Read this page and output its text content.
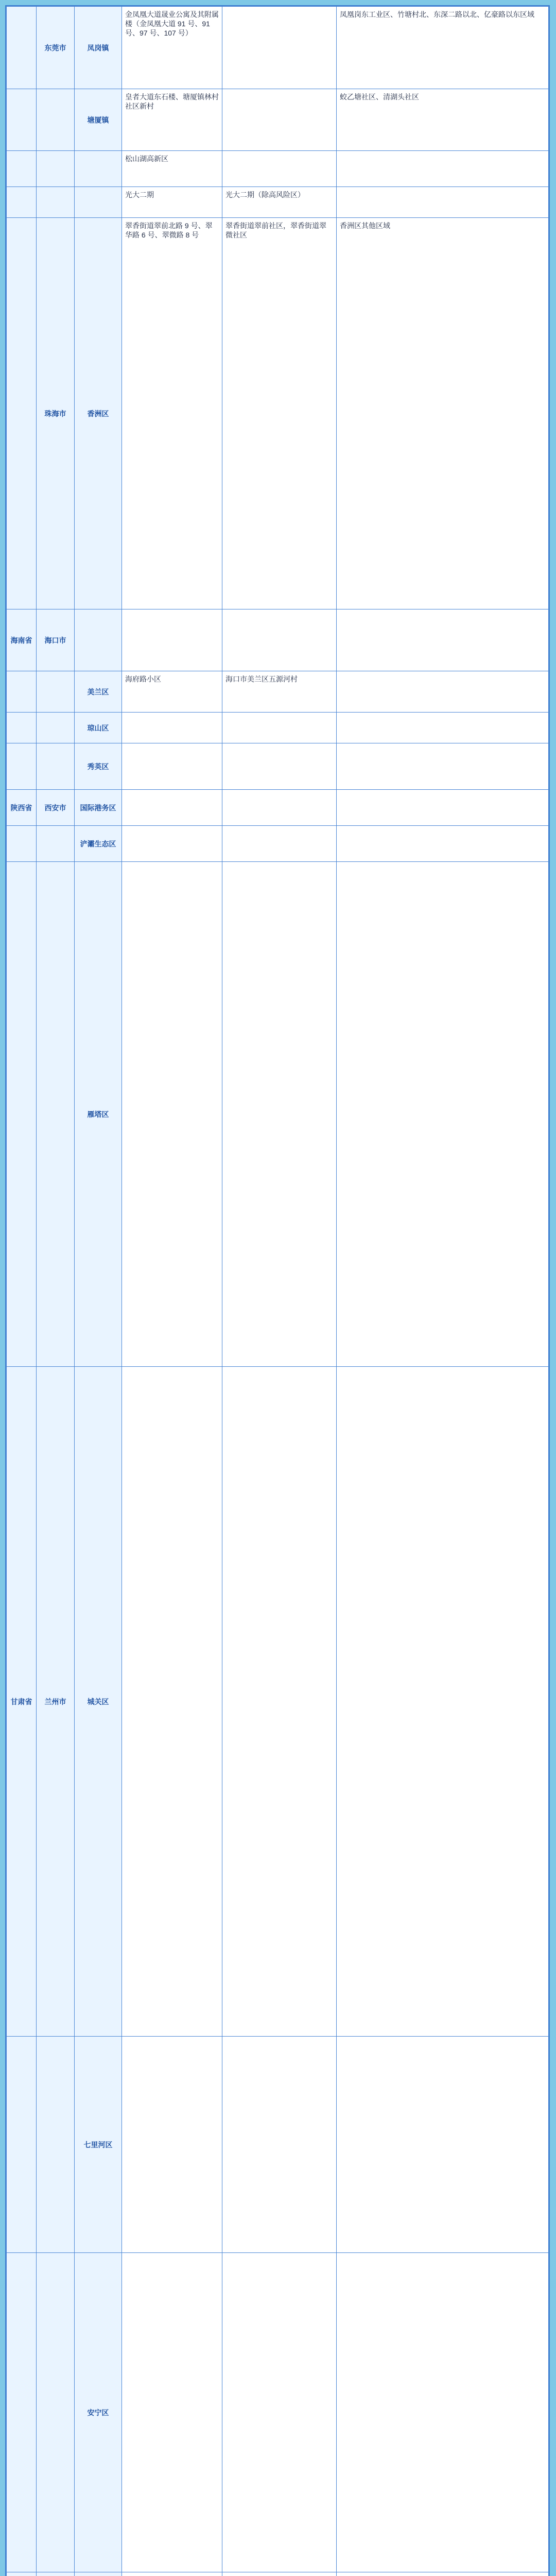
	东莞市	凤岗镇	金凤凰大道晟业公寓及其附属楼（金凤凰大道 91 号、91 号、97 号、107 号）		凤凰岗东工业区、竹塘村北、东深二路以北、亿豪路以东区域
		塘厦镇	皇者大道东石楼、塘厦镇林村社区新村		蛟乙塘社区、清湖头社区
			松山湖高新区		
			光大二期	光大二期（除高风险区）	
	珠海市	香洲区	翠香街道翠前北路 9 号、翠华路 6 号、翠微路 8 号	翠香街道翠前社区，翠香街道翠微社区	香洲区其他区域
海南省	海口市				
		美兰区	海府路小区	海口市美兰区五源河村	
		琼山区			
		秀英区			
陕西省	西安市	国际港务区			
		浐灞生态区			
		雁塔区			
甘肃省	兰州市	城关区			
		七里河区			
		安宁区			
